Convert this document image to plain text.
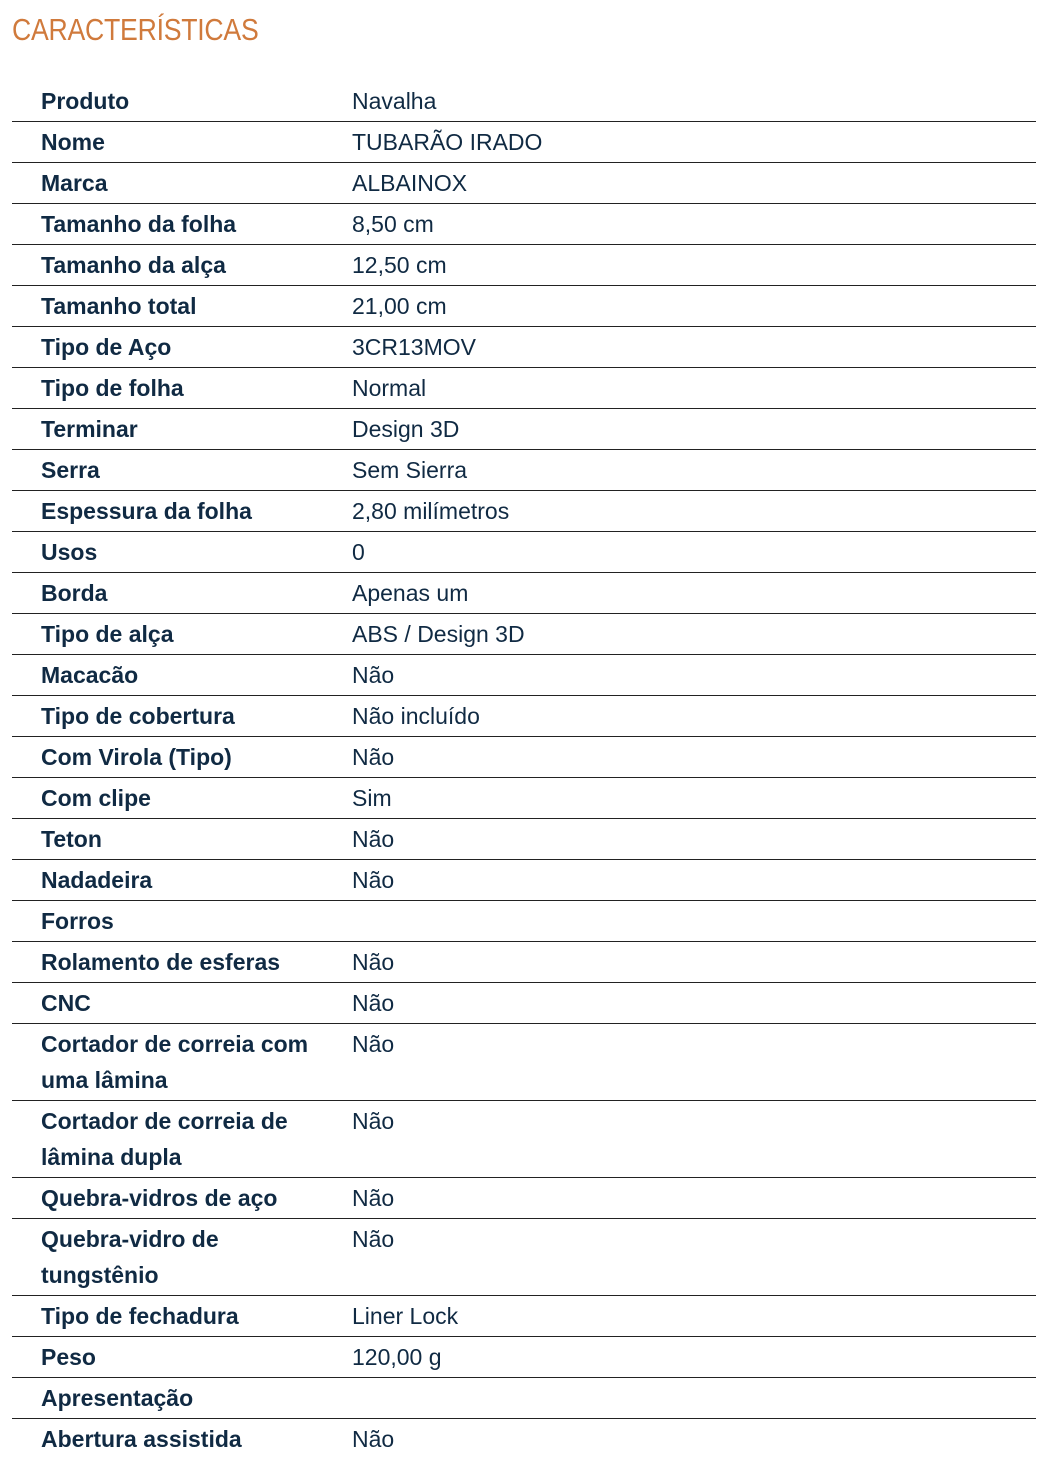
CARACTERÍSTICAS
Produto	Navalha
Nome	TUBARÃO IRADO
Marca	ALBAINOX
Tamanho da folha	8,50 cm
Tamanho da alça	12,50 cm
Tamanho total	21,00 cm
Tipo de Aço	3CR13MOV
Tipo de folha	Normal
Terminar	Design 3D
Serra	Sem Sierra
Espessura da folha	2,80 milímetros
Usos	0
Borda	Apenas um
Tipo de alça	ABS / Design 3D
Macacão	Não
Tipo de cobertura	Não incluído
Com Virola (Tipo)	Não
Com clipe	Sim
Teton	Não
Nadadeira	Não
Forros	
Rolamento de esferas	Não
CNC	Não
Cortador de correia com uma lâmina	Não
Cortador de correia de lâmina dupla	Não
Quebra-vidros de aço	Não
Quebra-vidro de tungstênio	Não
Tipo de fechadura	Liner Lock
Peso	120,00 g
Apresentação	
Abertura assistida	Não
